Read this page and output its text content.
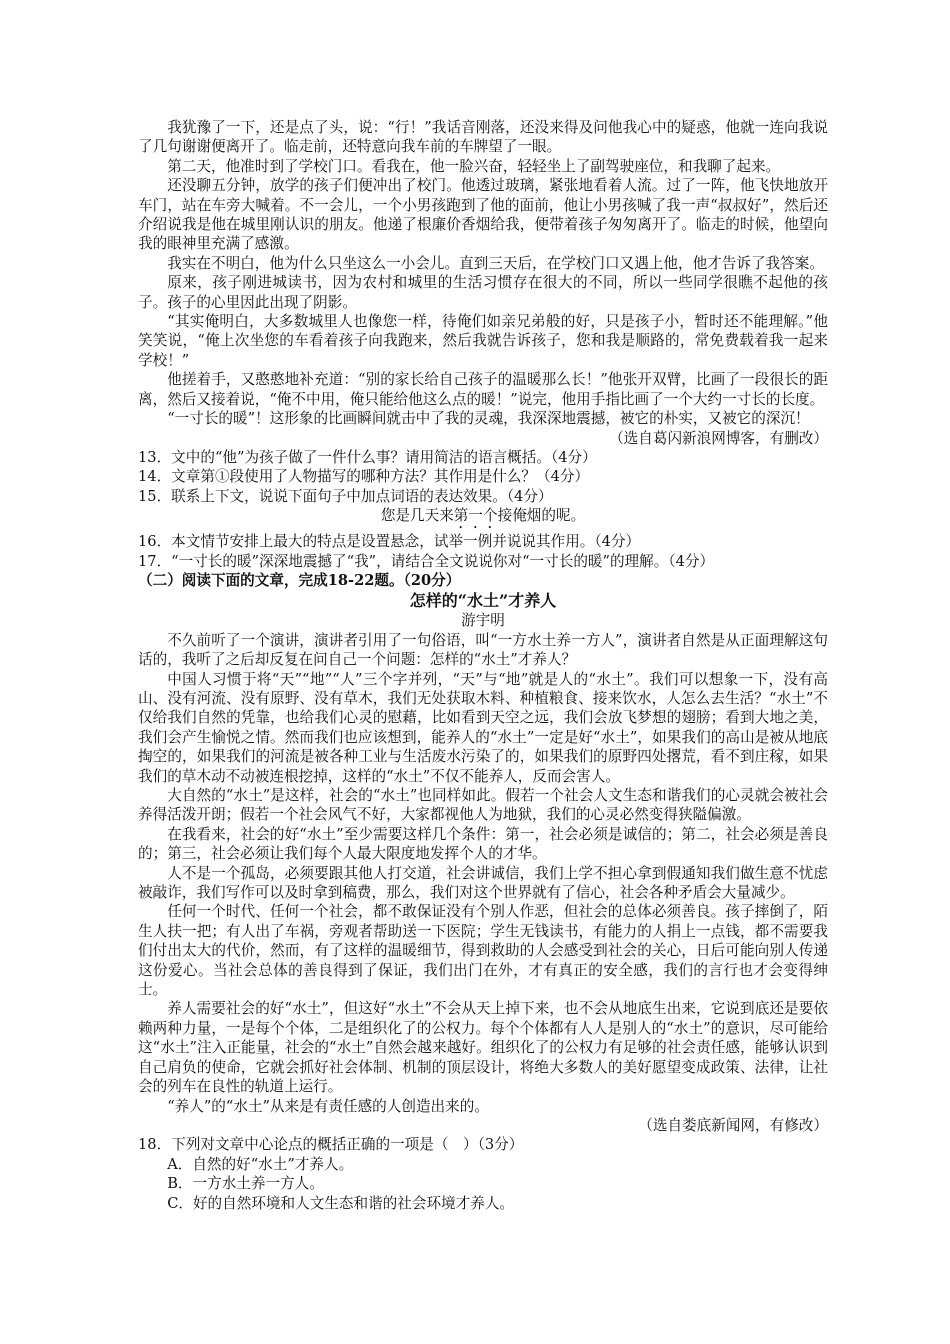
我犹豫了一下，还是点了头，说：“行！”我话音刚落，还没来得及问他我心中的疑惑，他就一连向我说了几句谢谢便离开了。临走前，还特意向我车前的车牌望了一眼。

第二天，他准时到了学校门口。看我在，他一脸兴奋，轻轻坐上了副驾驶座位，和我聊了起来。

还没聊五分钟，放学的孩子们便冲出了校门。他透过玻璃，紧张地看着人流。过了一阵，他飞快地放开车门，站在车旁大喊着。不一会儿，一个小男孩跑到了他的面前，他让小男孩喊了我一声“叔叔好”，然后还介绍说我是他在城里刚认识的朋友。他递了根廉价香烟给我，便带着孩子匆匆离开了。临走的时候，他望向我的眼神里充满了感激。

我实在不明白，他为什么只坐这么一小会儿。直到三天后，在学校门口又遇上他，他才告诉了我答案。

原来，孩子刚进城读书，因为农村和城里的生活习惯存在很大的不同，所以一些同学很瞧不起他的孩子。孩子的心里因此出现了阴影。

“其实俺明白，大多数城里人也像您一样，待俺们如亲兄弟般的好，只是孩子小，暂时还不能理解。”他笑笑说，“俺上次坐您的车看着孩子向我跑来，然后我就告诉孩子，您和我是顺路的，常免费载着我一起来学校！”

他搓着手，又憨憨地补充道：“别的家长给自己孩子的温暖那么长！”他张开双臂，比画了一段很长的距离，然后又接着说，“俺不中用，俺只能给他这么点的暖！”说完，他用手指比画了一个大约一寸长的长度。

“一寸长的暖”！这形象的比画瞬间就击中了我的灵魂，我深深地震撼，被它的朴实，又被它的深沉！

（选自葛闪新浪网博客，有删改）

13．文中的“他”为孩子做了一件什么事？请用简洁的语言概括。（4分）

14．文章第①段使用了人物描写的哪种方法？其作用是什么？（4分）

15．联系上下文，说说下面句子中加点词语的表达效果。（4分）

您是几天来第一个接俺烟的呢。

16．本文情节安排上最大的特点是设置悬念，试举一例并说说其作用。（4分）

17．“一寸长的暖”深深地震撼了“我”，请结合全文说说你对“一寸长的暖”的理解。（4分）

（二）阅读下面的文章，完成18-22题。（20分）

怎样的“水土”才养人

游宇明

不久前听了一个演讲，演讲者引用了一句俗语，叫“一方水土养一方人”，演讲者自然是从正面理解这句话的，我听了之后却反复在问自己一个问题：怎样的“水土”才养人？

中国人习惯于将“天”“地”“人”三个字并列，“天”与“地”就是人的“水土”。我们可以想象一下，没有高山、没有河流、没有原野、没有草木，我们无处获取木料、种植粮食、接来饮水，人怎么去生活？“水土”不仅给我们自然的凭靠，也给我们心灵的慰藉，比如看到天空之远，我们会放飞梦想的翅膀；看到大地之美，我们会产生愉悦之情。然而我们也应该想到，能养人的“水土”一定是好“水土”，如果我们的高山是被从地底掏空的，如果我们的河流是被各种工业与生活废水污染了的，如果我们的原野四处撂荒，看不到庄稼，如果我们的草木动不动被连根挖掉，这样的“水土”不仅不能养人，反而会害人。

大自然的“水土”是这样，社会的“水土”也同样如此。假若一个社会人文生态和谐我们的心灵就会被社会养得活泼开朗；假若一个社会风气不好，大家都视他人为地狱，我们的心灵必然变得狭隘偏激。

在我看来，社会的好“水土”至少需要这样几个条件：第一，社会必须是诚信的；第二，社会必须是善良的；第三，社会必须让我们每个人最大限度地发挥个人的才华。

人不是一个孤岛，必须要跟其他人打交道，社会讲诚信，我们上学不担心拿到假通知我们做生意不忧虑被敲诈，我们写作可以及时拿到稿费，那么，我们对这个世界就有了信心，社会各种矛盾会大量减少。

任何一个时代、任何一个社会，都不敢保证没有个别人作恶，但社会的总体必须善良。孩子摔倒了，陌生人扶一把；有人出了车祸，旁观者帮助送一下医院；学生无钱读书，有能力的人捐上一点钱，都不需要我们付出太大的代价，然而，有了这样的温暖细节，得到救助的人会感受到社会的关心，日后可能向别人传递这份爱心。当社会总体的善良得到了保证，我们出门在外，才有真正的安全感，我们的言行也才会变得绅士。

养人需要社会的好“水土”，但这好“水土”不会从天上掉下来，也不会从地底生出来，它说到底还是要依赖两种力量，一是每个个体，二是组织化了的公权力。每个个体都有人人是别人的“水土”的意识，尽可能给这“水土”注入正能量，社会的“水土”自然会越来越好。组织化了的公权力有足够的社会责任感，能够认识到自己肩负的使命，它就会抓好社会体制、机制的顶层设计，将绝大多数人的美好愿望变成政策、法律，让社会的列车在良性的轨道上运行。

“养人”的“水土”从来是有责任感的人创造出来的。

（选自娄底新闻网，有修改）

18．下列对文章中心论点的概括正确的一项是（　）（3分）

A．自然的好“水土”才养人。

B．一方水土养一方人。

C．好的自然环境和人文生态和谐的社会环境才养人。
